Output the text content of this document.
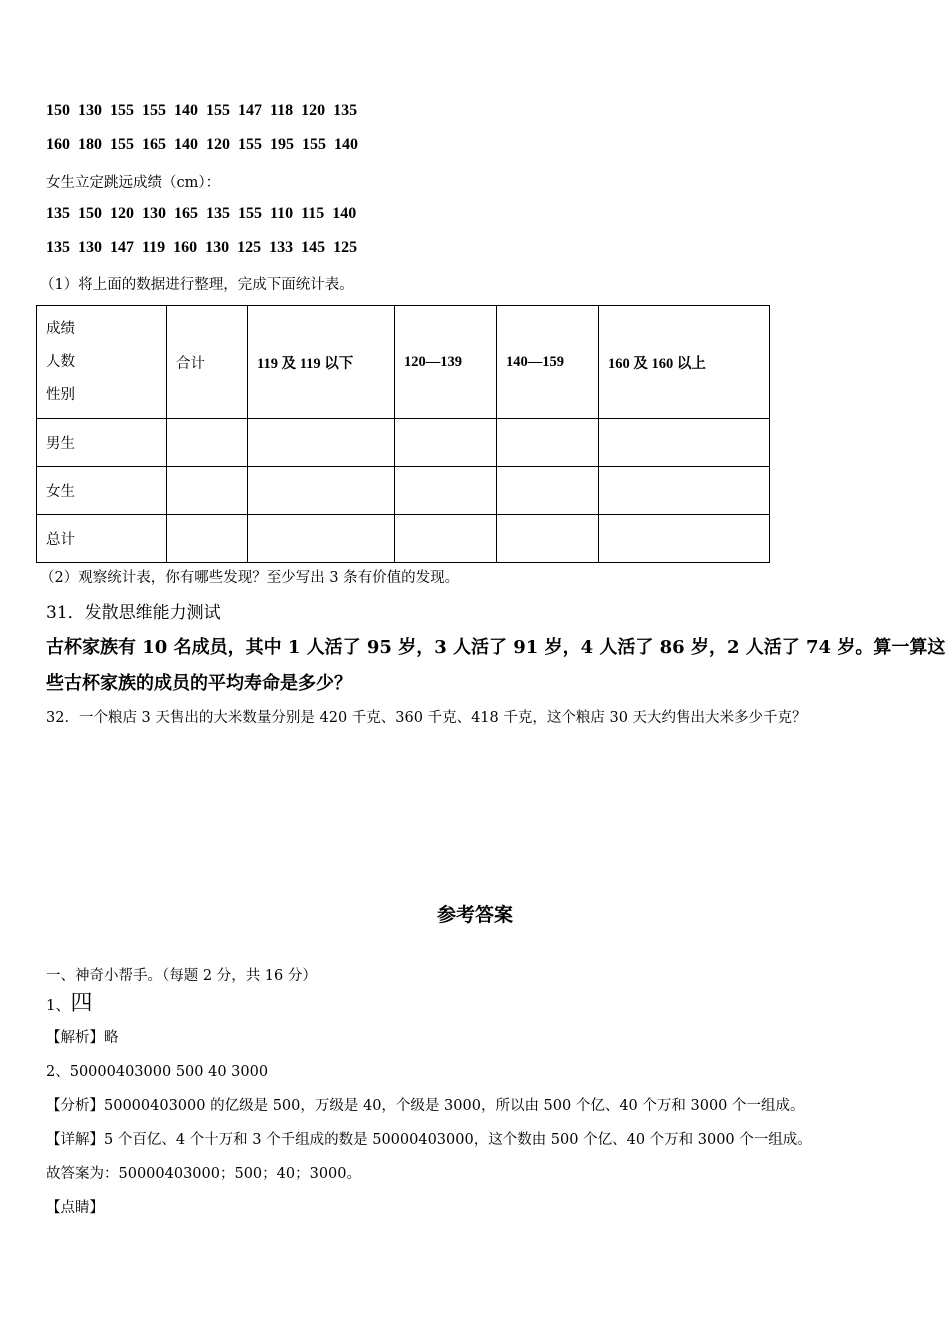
150 130 155 155 140 155 147 118 120 135
160 180 155 165 140 120 155 195 155 140
女生立定跳远成绩（cm）：
135 150 120 130 165 135 155 110 115 140
135 130 147 119 160 130 125 133 145 125
（1）将上面的数据进行整理，完成下面统计表。
成绩
人数
性别	合计	119 及 119 以下	120—139	140—159	160 及 160 以上
男生					
女生					
总计					
（2）观察统计表，你有哪些发现？至少写出 3 条有价值的发现。
31．发散思维能力测试
古杯家族有 10 名成员，其中 1 人活了 95 岁，3 人活了 91 岁，4 人活了 86 岁，2 人活了 74 岁。算一算这
些古杯家族的成员的平均寿命是多少？
32．一个粮店 3 天售出的大米数量分别是 420 千克、360 千克、418 千克，这个粮店 30 天大约售出大米多少千克？
参考答案
一、神奇小帮手。（每题 2 分，共 16 分）
1、四
【解析】略
2、50000403000 500 40 3000
【分析】50000403000 的亿级是 500，万级是 40，个级是 3000，所以由 500 个亿、40 个万和 3000 个一组成。
【详解】5 个百亿、4 个十万和 3 个千组成的数是 50000403000，这个数由 500 个亿、40 个万和 3000 个一组成。
故答案为：50000403000；500；40；3000。
【点睛】
